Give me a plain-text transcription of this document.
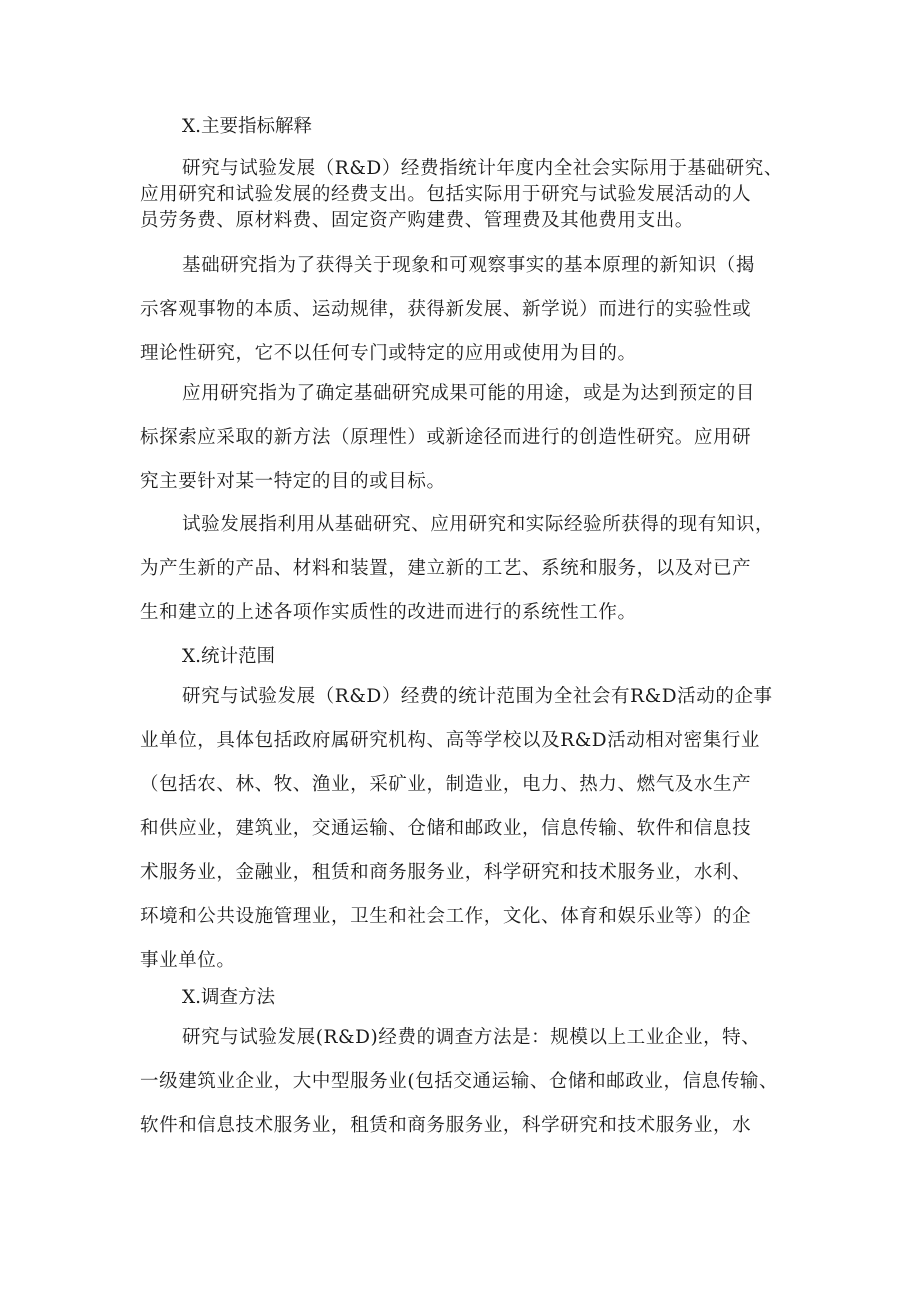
X.主要指标解释
研究与试验发展（R&D）经费指统计年度内全社会实际用于基础研究、
应用研究和试验发展的经费支出。包括实际用于研究与试验发展活动的人
员劳务费、原材料费、固定资产购建费、管理费及其他费用支出。
基础研究指为了获得关于现象和可观察事实的基本原理的新知识（揭
示客观事物的本质、运动规律，获得新发展、新学说）而进行的实验性或
理论性研究，它不以任何专门或特定的应用或使用为目的。
应用研究指为了确定基础研究成果可能的用途，或是为达到预定的目
标探索应采取的新方法（原理性）或新途径而进行的创造性研究。应用研
究主要针对某一特定的目的或目标。
试验发展指利用从基础研究、应用研究和实际经验所获得的现有知识，
为产生新的产品、材料和装置，建立新的工艺、系统和服务，以及对已产
生和建立的上述各项作实质性的改进而进行的系统性工作。
X.统计范围
研究与试验发展（R&D）经费的统计范围为全社会有R&D活动的企事
业单位，具体包括政府属研究机构、高等学校以及R&D活动相对密集行业
（包括农、林、牧、渔业，采矿业，制造业，电力、热力、燃气及水生产
和供应业，建筑业，交通运输、仓储和邮政业，信息传输、软件和信息技
术服务业，金融业，租赁和商务服务业，科学研究和技术服务业，水利、
环境和公共设施管理业，卫生和社会工作，文化、体育和娱乐业等）的企
事业单位。
X.调查方法
研究与试验发展(R&D)经费的调查方法是：规模以上工业企业，特、
一级建筑业企业，大中型服务业(包括交通运输、仓储和邮政业，信息传输、
软件和信息技术服务业，租赁和商务服务业，科学研究和技术服务业，水
